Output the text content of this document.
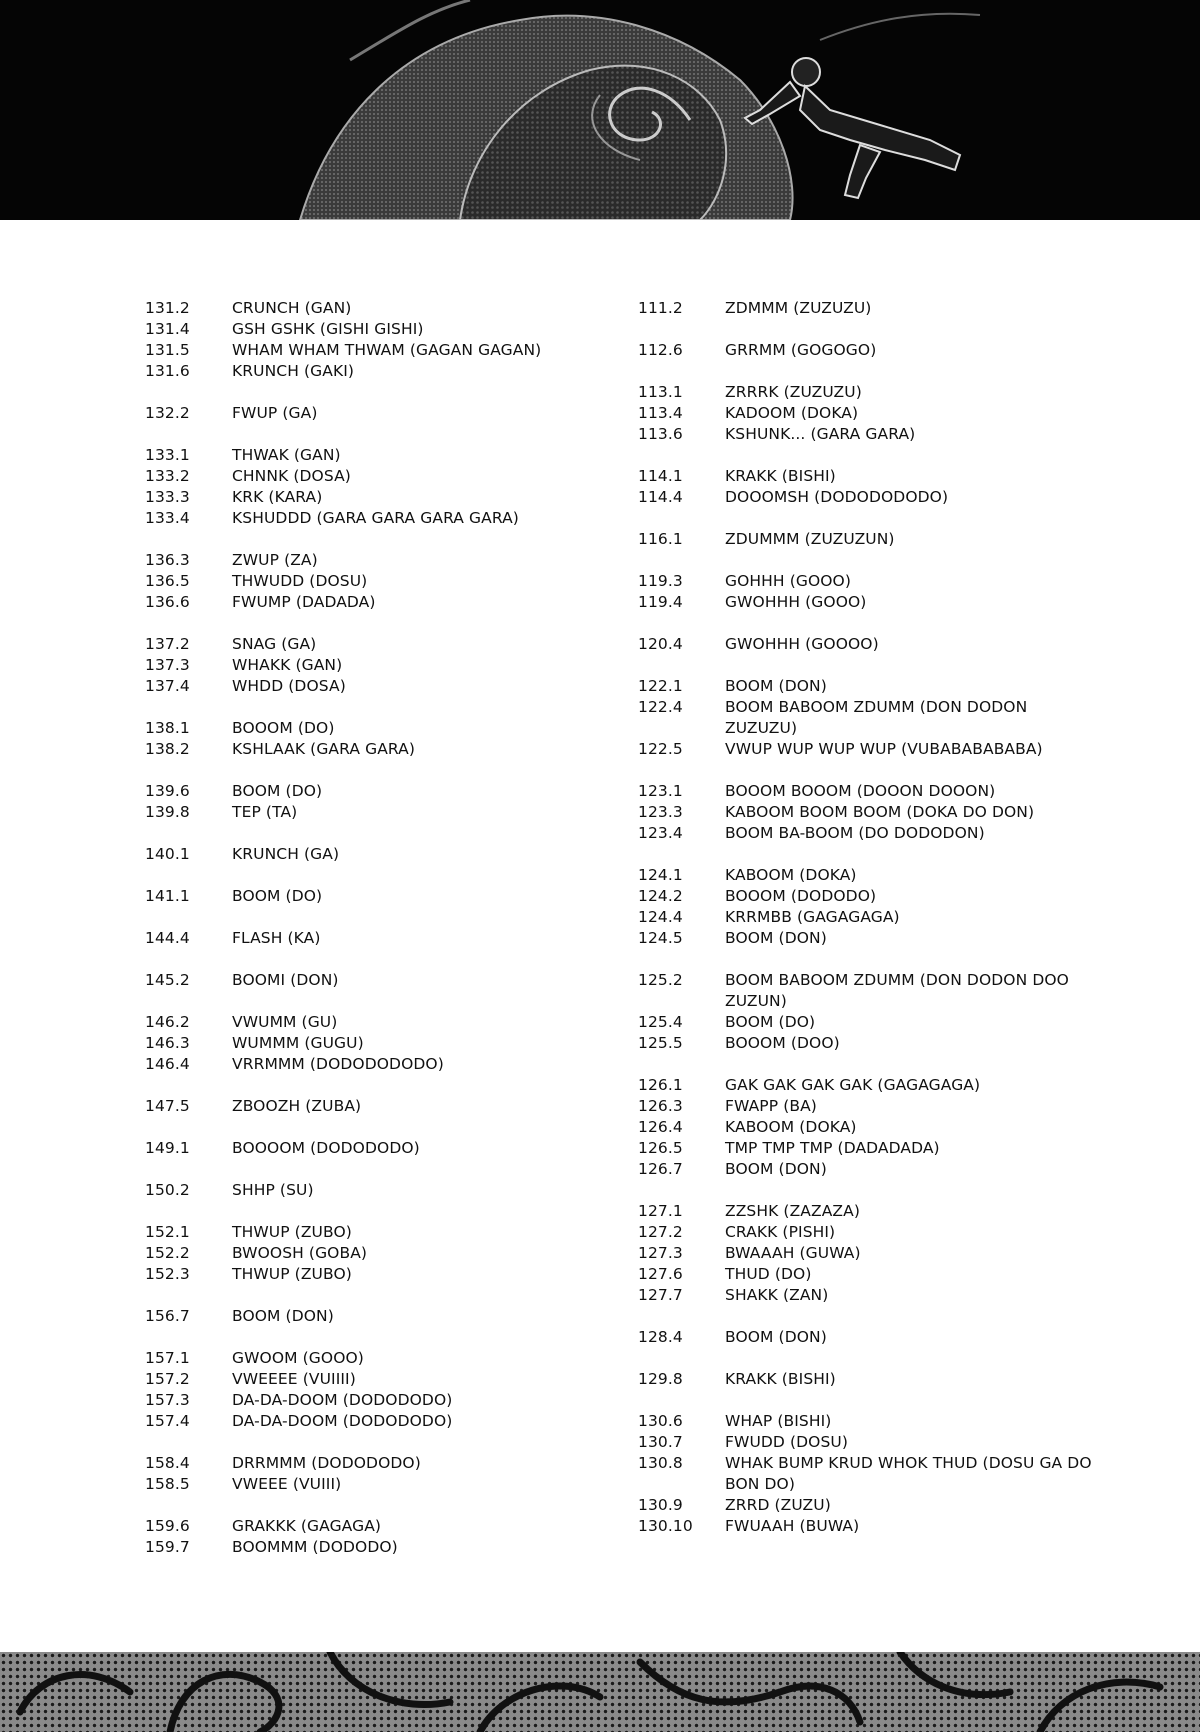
131.2	CRUNCH (GAN)
131.4	GSH GSHK (GISHI GISHI)
131.5	WHAM WHAM THWAM (GAGAN GAGAN)
131.6	KRUNCH (GAKI)
132.2	FWUP (GA)
133.1	THWAK (GAN)
133.2	CHNNK (DOSA)
133.3	KRK (KARA)
133.4	KSHUDDD (GARA GARA GARA GARA)
136.3	ZWUP (ZA)
136.5	THWUDD (DOSU)
136.6	FWUMP (DADADA)
137.2	SNAG (GA)
137.3	WHAKK (GAN)
137.4	WHDD (DOSA)
138.1	BOOOM (DO)
138.2	KSHLAAK (GARA GARA)
139.6	BOOM (DO)
139.8	TEP (TA)
140.1	KRUNCH (GA)
141.1	BOOM (DO)
144.4	FLASH (KA)
145.2	BOOMI (DON)
146.2	VWUMM (GU)
146.3	WUMMM (GUGU)
146.4	VRRMMM (DODODODODO)
147.5	ZBOOZH (ZUBA)
149.1	BOOOOM (DODODODO)
150.2	SHHP (SU)
152.1	THWUP (ZUBO)
152.2	BWOOSH (GOBA)
152.3	THWUP (ZUBO)
156.7	BOOM (DON)
157.1	GWOOM (GOOO)
157.2	VWEEEE (VUIIII)
157.3	DA-DA-DOOM (DODODODO)
157.4	DA-DA-DOOM (DODODODO)
158.4	DRRMMM (DODODODO)
158.5	VWEEE (VUIII)
159.6	GRAKKK (GAGAGA)
159.7	BOOMMM (DODODO)
111.2	ZDMMM (ZUZUZU)
112.6	GRRMM (GOGOGO)
113.1	ZRRRK (ZUZUZU)
113.4	KADOOM (DOKA)
113.6	KSHUNK... (GARA GARA)
114.1	KRAKK (BISHI)
114.4	DOOOMSH (DODODODODO)
116.1	ZDUMMM (ZUZUZUN)
119.3	GOHHH (GOOO)
119.4	GWOHHH (GOOO)
120.4	GWOHHH (GOOOO)
122.1	BOOM (DON)
122.4	BOOM BABOOM ZDUMM (DON DODON ZUZUZU)
122.5	VWUP WUP WUP WUP (VUBABABABABA)
123.1	BOOOM BOOOM (DOOON DOOON)
123.3	KABOOM BOOM BOOM (DOKA DO DON)
123.4	BOOM BA-BOOM (DO DODODON)
124.1	KABOOM (DOKA)
124.2	BOOOM (DODODO)
124.4	KRRMBB (GAGAGAGA)
124.5	BOOM (DON)
125.2	BOOM BABOOM ZDUMM (DON DODON DOO ZUZUN)
125.4	BOOM (DO)
125.5	BOOOM (DOO)
126.1	GAK GAK GAK GAK (GAGAGAGA)
126.3	FWAPP (BA)
126.4	KABOOM (DOKA)
126.5	TMP TMP TMP (DADADADA)
126.7	BOOM (DON)
127.1	ZZSHK (ZAZAZA)
127.2	CRAKK (PISHI)
127.3	BWAAAH (GUWA)
127.6	THUD (DO)
127.7	SHAKK (ZAN)
128.4	BOOM (DON)
129.8	KRAKK (BISHI)
130.6	WHAP (BISHI)
130.7	FWUDD (DOSU)
130.8	WHAK BUMP KRUD WHOK THUD (DOSU GA DO BON DO)
130.9	ZRRD (ZUZU)
130.10	FWUAAH (BUWA)
